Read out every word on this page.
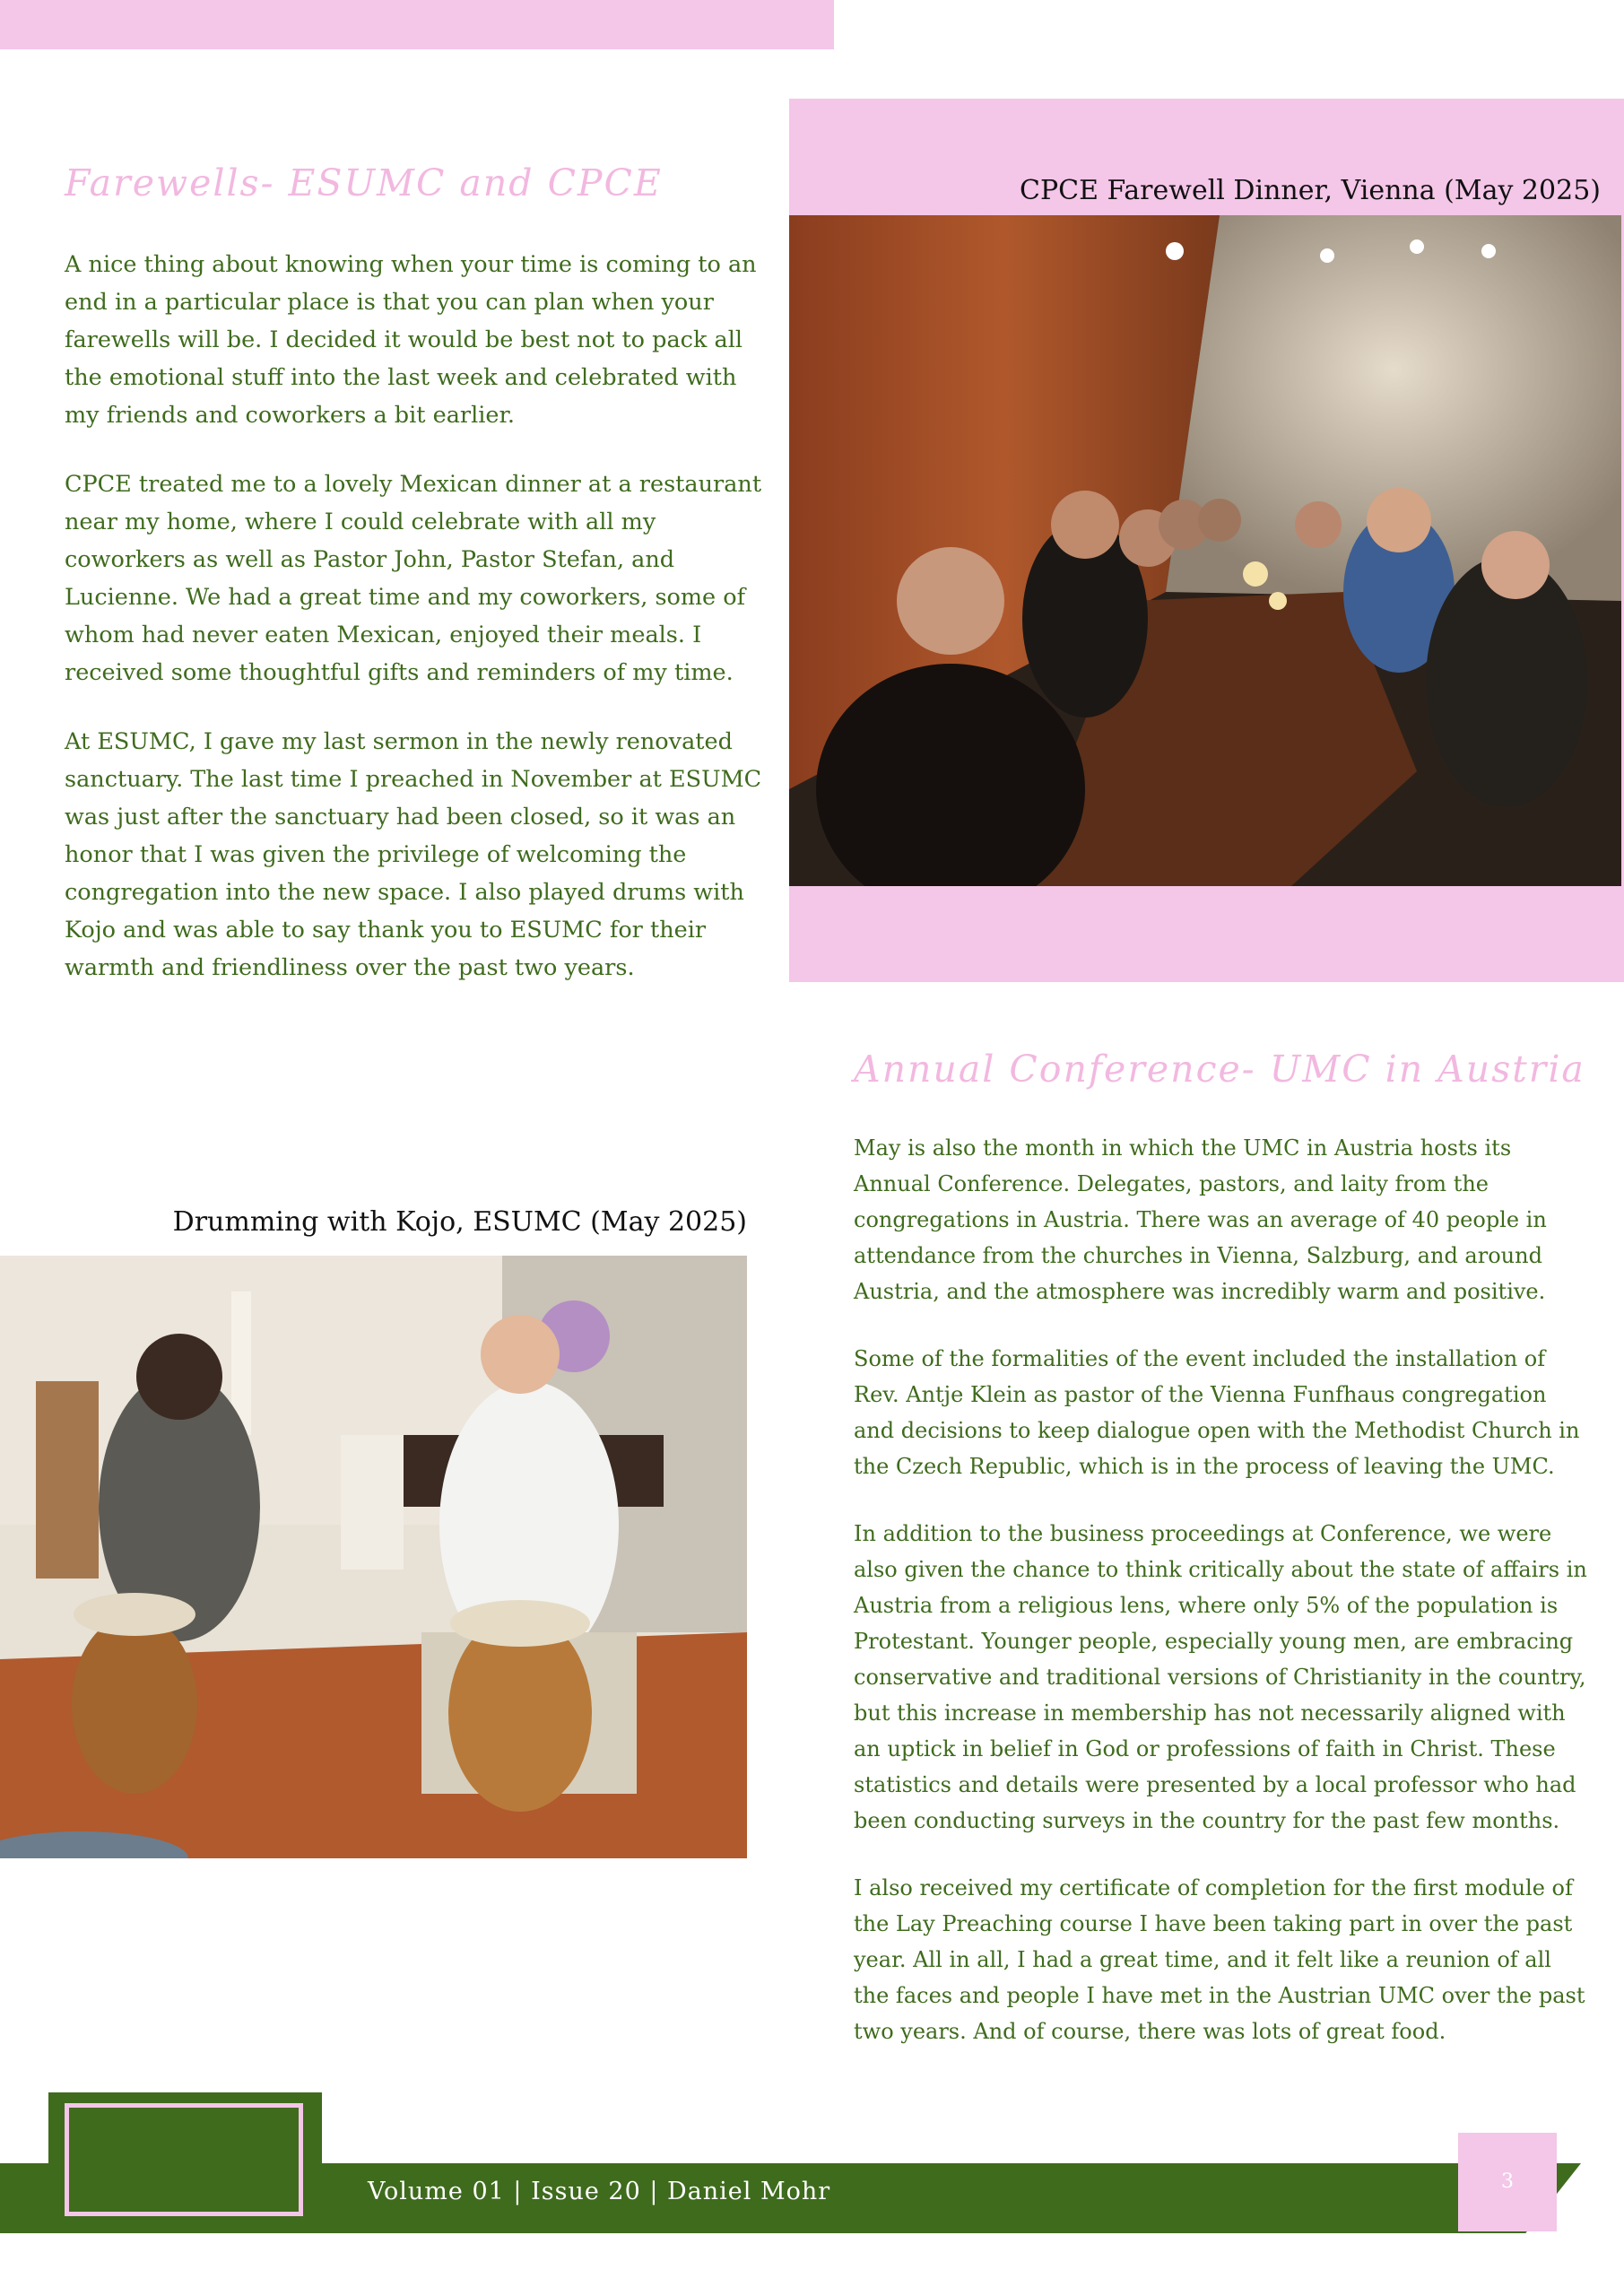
Farewells- ESUMC and CPCE

A nice thing about knowing when your time is coming to an end in a particular place is that you can plan when your farewells will be. I decided it would be best not to pack all the emotional stuff into the last week and celebrated with my friends and coworkers a bit earlier.

CPCE treated me to a lovely Mexican dinner at a restaurant near my home, where I could celebrate with all my coworkers as well as Pastor John, Pastor Stefan, and Lucienne. We had a great time and my coworkers, some of whom had never eaten Mexican, enjoyed their meals. I received some thoughtful gifts and reminders of my time.

At ESUMC, I gave my last sermon in the newly renovated sanctuary. The last time I preached in November at ESUMC was just after the sanctuary had been closed, so it was an honor that I was given the privilege of welcoming the congregation into the new space. I also played drums with Kojo and was able to say thank you to ESUMC for their warmth and friendliness over the past two years.

CPCE Farewell Dinner, Vienna (May 2025)

Annual Conference- UMC in Austria

May is also the month in which the UMC in Austria hosts its Annual Conference. Delegates, pastors, and laity from the congregations in Austria. There was an average of 40 people in attendance from the churches in Vienna, Salzburg, and around Austria, and the atmosphere was incredibly warm and positive.

Some of the formalities of the event included the installation of Rev. Antje Klein as pastor of the Vienna Funfhaus congregation and decisions to keep dialogue open with the Methodist Church in the Czech Republic, which is in the process of leaving the UMC.

In addition to the business proceedings at Conference, we were also given the chance to think critically about the state of affairs in Austria from a religious lens, where only 5% of the population is Protestant. Younger people, especially young men, are embracing conservative and traditional versions of Christianity in the country, but this increase in membership has not necessarily aligned with an uptick in belief in God or professions of faith in Christ. These statistics and details were presented by a local professor who had been conducting surveys in the country for the past few months.

I also received my certificate of completion for the first module of the Lay Preaching course I have been taking part in over the past year. All in all, I had a great time, and it felt like a reunion of all the faces and people I have met in the Austrian UMC over the past two years. And of course, there was lots of great food.

Drumming with Kojo, ESUMC (May 2025)

Volume 01 | Issue 20 | Daniel Mohr	3
